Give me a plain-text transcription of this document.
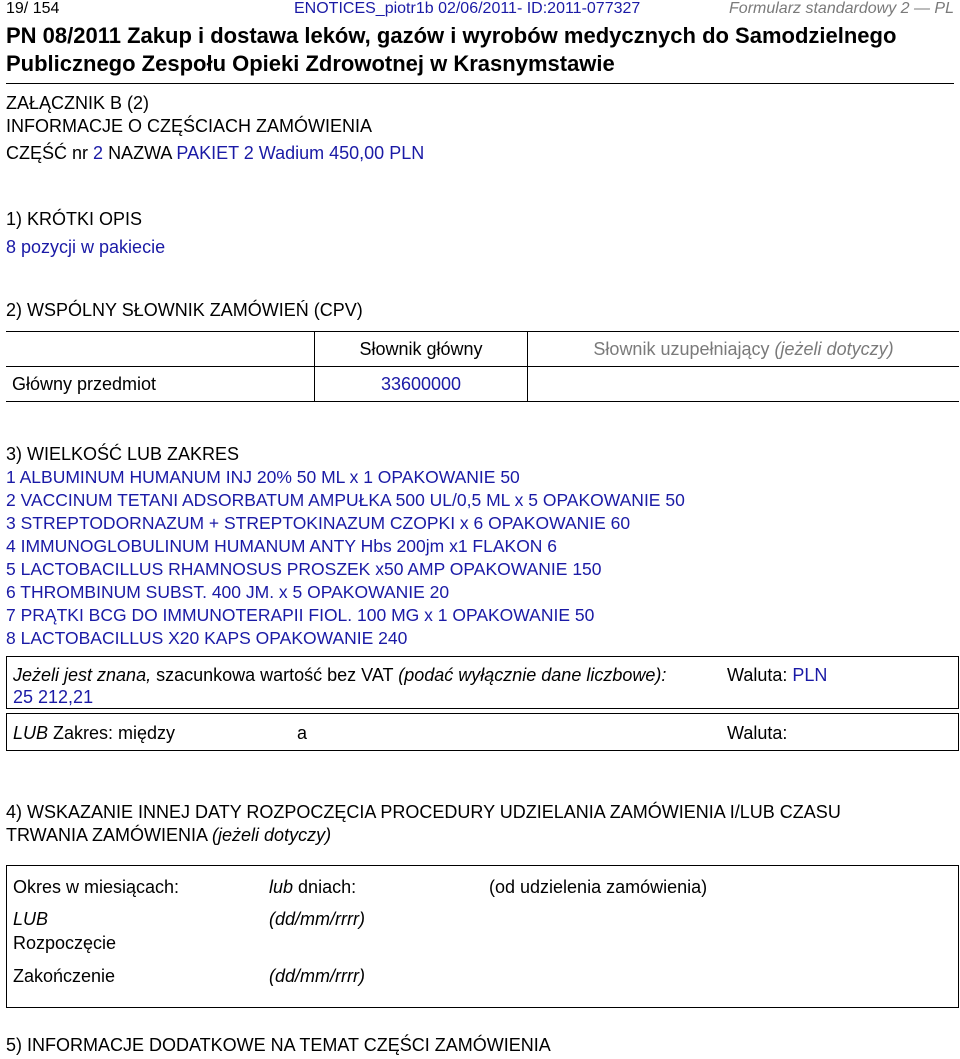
19/ 154	ENOTICES_piotr1b 02/06/2011- ID:2011-077327	Formularz standardowy 2 — PL
PN 08/2011 Zakup i dostawa leków, gazów i wyrobów medycznych do Samodzielnego Publicznego Zespołu Opieki Zdrowotnej w Krasnymstawie
ZAŁĄCZNIK B (2)
INFORMACJE O CZĘŚCIACH ZAMÓWIENIA
CZĘŚĆ nr 2 NAZWA PAKIET 2 Wadium 450,00 PLN
1) KRÓTKI OPIS
8 pozycji w pakiecie
2) WSPÓLNY SŁOWNIK ZAMÓWIEŃ (CPV)
	Słownik główny	Słownik uzupełniający (jeżeli dotyczy)
Główny przedmiot	33600000	
3) WIELKOŚĆ LUB ZAKRES
1 ALBUMINUM HUMANUM INJ 20% 50 ML x 1 OPAKOWANIE 50
2 VACCINUM TETANI ADSORBATUM AMPUŁKA 500 UL/0,5 ML x 5 OPAKOWANIE 50
3 STREPTODORNAZUM + STREPTOKINAZUM CZOPKI x 6 OPAKOWANIE 60
4 IMMUNOGLOBULINUM HUMANUM ANTY Hbs 200jm x1 FLAKON 6
5 LACTOBACILLUS RHAMNOSUS PROSZEK x50 AMP OPAKOWANIE 150
6 THROMBINUM SUBST. 400 JM. x 5 OPAKOWANIE 20
7 PRĄTKI BCG DO IMMUNOTERAPII FIOL. 100 MG x 1 OPAKOWANIE 50
8 LACTOBACILLUS X20 KAPS OPAKOWANIE 240
Jeżeli jest znana, szacunkowa wartość bez VAT (podać wyłącznie dane liczbowe):	Waluta: PLN
25 212,21
LUB Zakres: między	a	Waluta:
4) WSKAZANIE INNEJ DATY ROZPOCZĘCIA PROCEDURY UDZIELANIA ZAMÓWIENIA I/LUB CZASU
TRWANIA ZAMÓWIENIA (jeżeli dotyczy)
Okres w miesiącach:	lub dniach:	(od udzielenia zamówienia)
LUB	(dd/mm/rrrr)
Rozpoczęcie
Zakończenie	(dd/mm/rrrr)
5) INFORMACJE DODATKOWE NA TEMAT CZĘŚCI ZAMÓWIENIA
